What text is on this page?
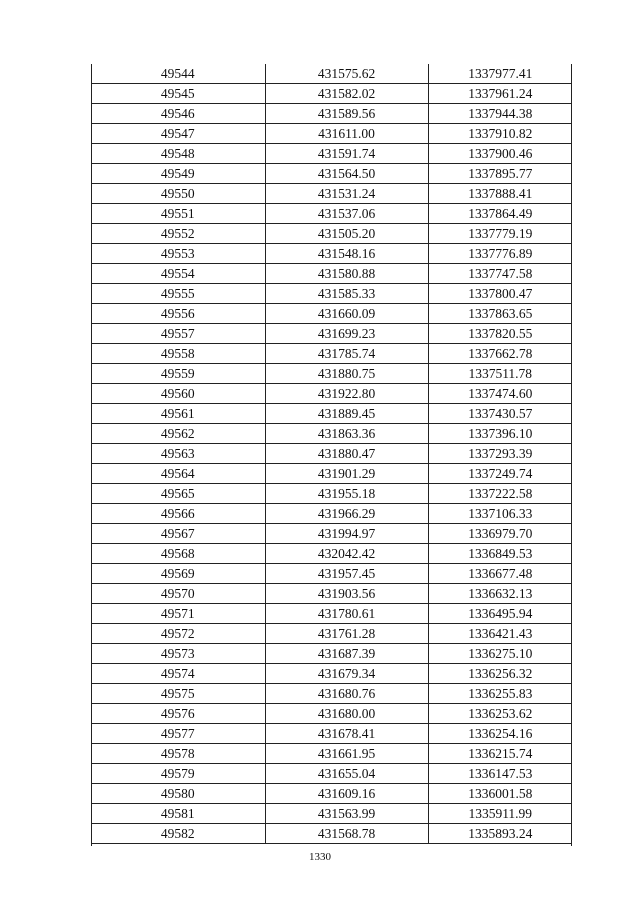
49544	431575.62	1337977.41
49545	431582.02	1337961.24
49546	431589.56	1337944.38
49547	431611.00	1337910.82
49548	431591.74	1337900.46
49549	431564.50	1337895.77
49550	431531.24	1337888.41
49551	431537.06	1337864.49
49552	431505.20	1337779.19
49553	431548.16	1337776.89
49554	431580.88	1337747.58
49555	431585.33	1337800.47
49556	431660.09	1337863.65
49557	431699.23	1337820.55
49558	431785.74	1337662.78
49559	431880.75	1337511.78
49560	431922.80	1337474.60
49561	431889.45	1337430.57
49562	431863.36	1337396.10
49563	431880.47	1337293.39
49564	431901.29	1337249.74
49565	431955.18	1337222.58
49566	431966.29	1337106.33
49567	431994.97	1336979.70
49568	432042.42	1336849.53
49569	431957.45	1336677.48
49570	431903.56	1336632.13
49571	431780.61	1336495.94
49572	431761.28	1336421.43
49573	431687.39	1336275.10
49574	431679.34	1336256.32
49575	431680.76	1336255.83
49576	431680.00	1336253.62
49577	431678.41	1336254.16
49578	431661.95	1336215.74
49579	431655.04	1336147.53
49580	431609.16	1336001.58
49581	431563.99	1335911.99
49582	431568.78	1335893.24
1330
